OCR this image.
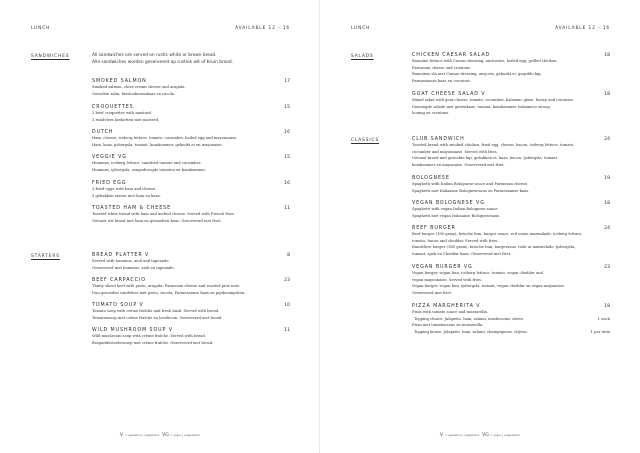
LUNCH	AVAILABLE 12 - 16
SANDWICHES	All sandwiches are served on rustic white or brown bread.
Alle sandwiches worden geserveerd op rustiek wit of bruin brood.
SMOKED SALMON	17
Smoked salmon, chive cream cheese and arugula.
Gerookte zalm, bieslookroomkaas en rucola.
CROQUETTES	15
2 beef croquettes with mustard.
2 rundvlees kroketten met mosterd.
DUTCH	16
Ham, cheese, iceberg lettuce, tomato, cucumber, boiled egg and mayonnaise.
Ham, kaas, ijsbergsla, tomaat, komkommer, gekookt ei en mayonaise.
VEGGIE VG	15
Hummus, iceberg lettuce, sundried tomato and cucumber.
Hummus, ijsbergsla, zongedroogde tomaten en komkommer.
FRIED EGG	16
3 fried eggs with ham and cheese.
3 gebakken eieren met ham en kaas.
TOASTED HAM & CHEESE	11
Toasted white bread with ham and melted cheese. Served with French fries.
Getoast wit brood met ham en gesmolten kaas. Geserveerd met friet.
STARTERS	BREAD PLATTER V	8
Served with hummus, aioli and tapenade.
Geserveerd met hummus, aioli en tapenade.
BEEF CARPACCIO	23
Thinly sliced beef with pesto, arugula, Parmesan cheese and roasted pine nuts.
Dun gesneden rundvlees met pesto, rucola, Parmezaanse kaas en pijnboompitten.
TOMATO SOUP V	10
Tomato soup with crème fraîche and fresh basil. Served with bread.
Tomatensoep met crème fraîche en basilicum. Geserveerd met brood.
WILD MUSHROOM SOUP V	11
Wild mushroom soup with crème fraîche. Served with bread.
Bospaddestoelensoep met crème fraîche. Geserveerd met brood.
V = vegetarian | vegetarisch VG = vegan | veganistisch
LUNCH	AVAILABLE 12 - 16
SALADS	CHICKEN CAESAR SALAD	18
Romaine lettuce with Caesar dressing, anchovies, boiled egg, grilled chicken,
Parmesan cheese and croutons.
Romeinse sla met Caesar dressing, ansjovis, gekookt ei, gegrilde kip,
Parmezaanse kaas en croutons.
GOAT CHEESE SALAD V	18
Mixed salad with goat cheese, tomato, cucumber, balsamic glaze, honey and croutons.
Gemengde salade met geitenkaas, tomaat, komkommer, balsamico siroop,
honing en croutons.
CLASSICS	CLUB SANDWICH	24
Toasted bread with smoked chicken, fried egg, cheese, bacon, iceberg lettuce, tomato,
cucumber and mayonnaise. Served with fries.
Getoast brood met gerookte kip, gebakken ei, kaas, bacon, ijsbergsla, tomaat,
komkommer en mayonaise. Geserveerd met friet.
BOLOGNESE	19
Spaghetti with Italian Bolognese sauce and Parmesan cheese.
Spaghetti met Italiaanse Bolognesesaus en Parmezaanse kaas.
VEGAN BOLOGNESE VG	18
Spaghetti with vegan Italian Bolognese sauce.
Spaghetti met vegan Italiaanse Bolognesesaus.
BEEF BURGER	24
Beef burger (180 gram), brioche bun, burger sauce, red onion marmalade, iceberg lettuce,
tomato, bacon and cheddar. Served with fries.
Rundvlees burger (180 gram), brioche bun, burgersaus, rode ui marmelade, ijsbergsla,
tomaat, spek en Cheddar kaas. Geserveerd met friet.
VEGAN BURGER VG	23
Vegan burger, vegan bun, iceberg lettuce, tomato, vegan cheddar and
vegan mayonnaise. Served with fries.
Vegan burger, vegan bun, ijsbergsla, tomaat, vegan cheddar en vegan mayonaise.
Geserveerd met friet.
PIZZA MARGHERITA V	18
Pizza with tomato sauce and mozzarella.
Topping choice: Jalapeño, ham, salami, mushrooms, olives.	1 each
Pizza met tomatensaus en mozzarella.
Topping keuze: Jalapeño, ham, salami, champignons, olijven.	1 per item
V = vegetarian | vegetarisch VG = vegan | veganistisch
